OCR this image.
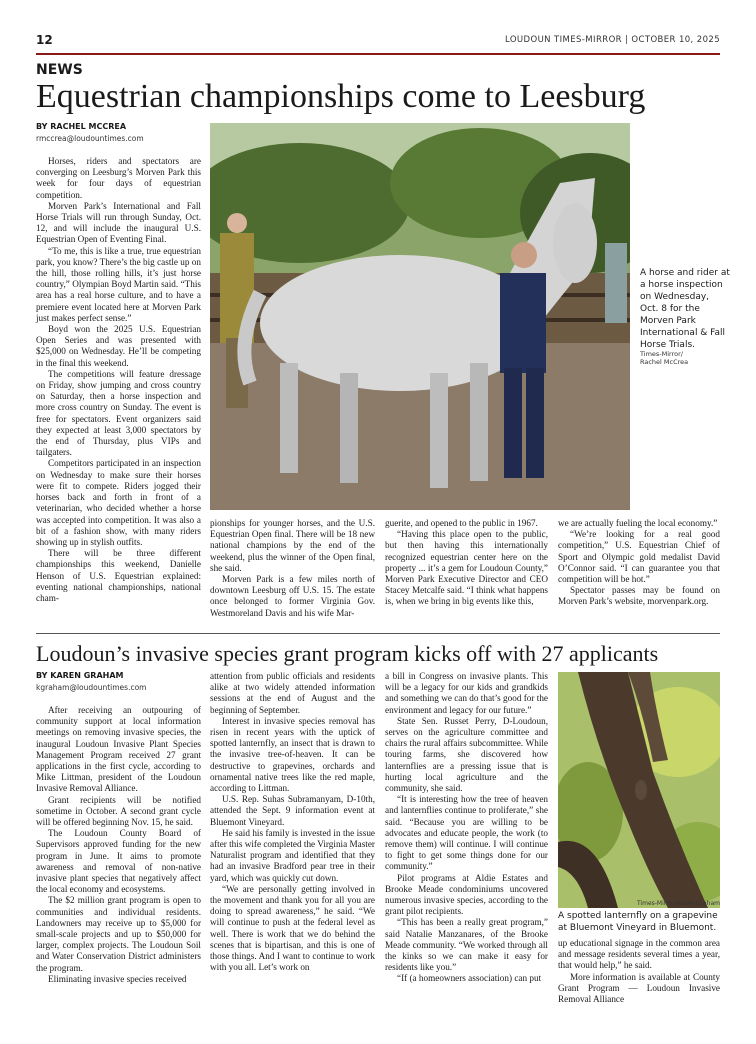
12	LOUDOUN TIMES-MIRROR | OCTOBER 10, 2025
NEWS
Equestrian championships come to Leesburg
BY RACHEL MCCREA
rmccrea@loudountimes.com

Horses, riders and spectators are converging on Leesburg’s Morven Park this week for four days of equestrian competition.

Morven Park’s International and Fall Horse Trials will run through Sunday, Oct. 12, and will include the inaugural U.S. Equestrian Open of Eventing Final.

“To me, this is like a true, true equestrian park, you know? There’s the big castle up on the hill, those rolling hills, it’s just horse country,” Olympian Boyd Martin said. “This area has a real horse culture, and to have a premiere event located here at Morven Park just makes perfect sense.”

Boyd won the 2025 U.S. Equestrian Open Series and was presented with $25,000 on Wednesday. He’ll be competing in the final this weekend.

The competitions will feature dressage on Friday, show jumping and cross country on Saturday, then a horse inspection and more cross country on Sunday. The event is free for spectators. Event organizers said they expected at least 3,000 spectators by the end of Thursday, plus VIPs and tailgaters.

Competitors participated in an inspection on Wednesday to make sure their horses were fit to compete. Riders jogged their horses back and forth in front of a veterinarian, who decided whether a horse was accepted into competition. It was also a bit of a fashion show, with many riders showing up in stylish outfits.

There will be three different championships this weekend, Danielle Henson of U.S. Equestrian explained: eventing national championships, national cham-

A horse and rider at a horse inspection on Wednesday, Oct. 8 for the Morven Park International & Fall Horse Trials.
Times-Mirror/
Rachel McCrea

pionships for younger horses, and the U.S. Equestrian Open final. There will be 18 new national champions by the end of the weekend, plus the winner of the Open final, she said.

Morven Park is a few miles north of downtown Leesburg off U.S. 15. The estate once belonged to former Virginia Gov. Westmoreland Davis and his wife Mar-

guerite, and opened to the public in 1967.

“Having this place open to the public, but then having this internationally recognized equestrian center here on the property ... it’s a gem for Loudoun County,” Morven Park Executive Director and CEO Stacey Metcalfe said. “I think what happens is, when we bring in big events like this,

we are actually fueling the local economy.”

“We’re looking for a real good competition,” U.S. Equestrian Chief of Sport and Olympic gold medalist David O’Connor said. “I can guarantee you that competition will be hot.”

Spectator passes may be found on Morven Park’s website, morvenpark.org.

Loudoun’s invasive species grant program kicks off with 27 applicants
BY KAREN GRAHAM
kgraham@loudountimes.com

After receiving an outpouring of community support at local information meetings on removing invasive species, the inaugural Loudoun Invasive Plant Species Management Program received 27 grant applications in the first cycle, according to Mike Littman, president of the Loudoun Invasive Removal Alliance.

Grant recipients will be notified sometime in October. A second grant cycle will be offered beginning Nov. 15, he said.

The Loudoun County Board of Supervisors approved funding for the new program in June. It aims to promote awareness and removal of non-native invasive plant species that negatively affect the local economy and ecosystems.

The $2 million grant program is open to communities and individual residents. Landowners may receive up to $5,000 for small-scale projects and up to $50,000 for larger, complex projects. The Loudoun Soil and Water Conservation District administers the program.

Eliminating invasive species received

attention from public officials and residents alike at two widely attended information sessions at the end of August and the beginning of September.

Interest in invasive species removal has risen in recent years with the uptick of spotted lanternfly, an insect that is drawn to the invasive tree-of-heaven. It can be destructive to grapevines, orchards and ornamental native trees like the red maple, according to Littman.

U.S. Rep. Suhas Subramanyam, D-10th, attended the Sept. 9 information event at Bluemont Vineyard.

He said his family is invested in the issue after this wife completed the Virginia Master Naturalist program and identified that they had an invasive Bradford pear tree in their yard, which was quickly cut down.

“We are personally getting involved in the movement and thank you for all you are doing to spread awareness,” he said. “We will continue to push at the federal level as well. There is work that we do behind the scenes that is bipartisan, and this is one of those things. And I want to continue to work with you all. Let’s work on

a bill in Congress on invasive plants. This will be a legacy for our kids and grandkids and something we can do that’s good for the environment and legacy for our future.”

State Sen. Russet Perry, D-Loudoun, serves on the agriculture committee and chairs the rural affairs subcommittee. While touring farms, she discovered how lanternflies are a pressing issue that is hurting local agriculture and the community, she said.

“It is interesting how the tree of heaven and lanternflies continue to proliferate,” she said. “Because you are willing to be advocates and educate people, the work (to remove them) will continue. I will continue to fight to get some things done for our community.”

Pilot programs at Aldie Estates and Brooke Meade condominiums uncovered numerous invasive species, according to the grant pilot recipients.

“This has been a really great program,” said Natalie Manzanares, of the Brooke Meade community. “We worked through all the kinks so we can make it easy for residents like you.”

“If (a homeowners association) can put

Times-Mirror/Karen Graham
A spotted lanternfly on a grapevine at Bluemont Vineyard in Bluemont.

up educational signage in the common area and message residents several times a year, that would help,” he said.

More information is available at County Grant Program — Loudoun Invasive Removal Alliance
